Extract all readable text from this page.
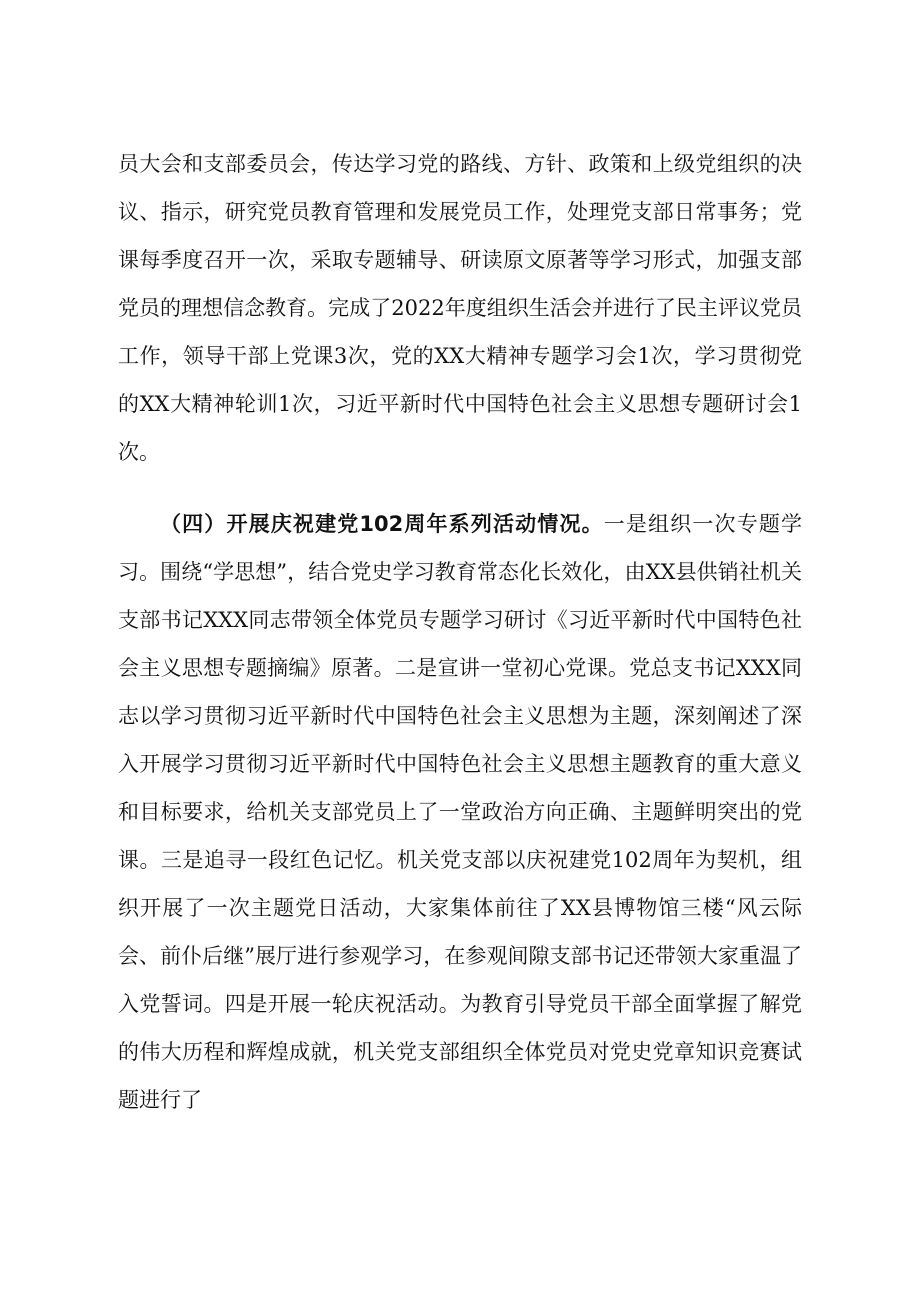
员大会和支部委员会，传达学习党的路线、方针、政策和上级党组织的决议、指示，研究党员教育管理和发展党员工作，处理党支部日常事务；党课每季度召开一次，采取专题辅导、研读原文原著等学习形式，加强支部党员的理想信念教育。完成了2022年度组织生活会并进行了民主评议党员工作，领导干部上党课3次，党的XX大精神专题学习会1次，学习贯彻党的XX大精神轮训1次，习近平新时代中国特色社会主义思想专题研讨会1次。

（四）开展庆祝建党102周年系列活动情况。一是组织一次专题学习。围绕“学思想”，结合党史学习教育常态化长效化，由XX县供销社机关支部书记XXX同志带领全体党员专题学习研讨《习近平新时代中国特色社会主义思想专题摘编》原著。二是宣讲一堂初心党课。党总支书记XXX同志以学习贯彻习近平新时代中国特色社会主义思想为主题，深刻阐述了深入开展学习贯彻习近平新时代中国特色社会主义思想主题教育的重大意义和目标要求，给机关支部党员上了一堂政治方向正确、主题鲜明突出的党课。三是追寻一段红色记忆。机关党支部以庆祝建党102周年为契机，组织开展了一次主题党日活动，大家集体前往了XX县博物馆三楼“风云际会、前仆后继”展厅进行参观学习，在参观间隙支部书记还带领大家重温了入党誓词。四是开展一轮庆祝活动。为教育引导党员干部全面掌握了解党的伟大历程和辉煌成就，机关党支部组织全体党员对党史党章知识竞赛试题进行了
